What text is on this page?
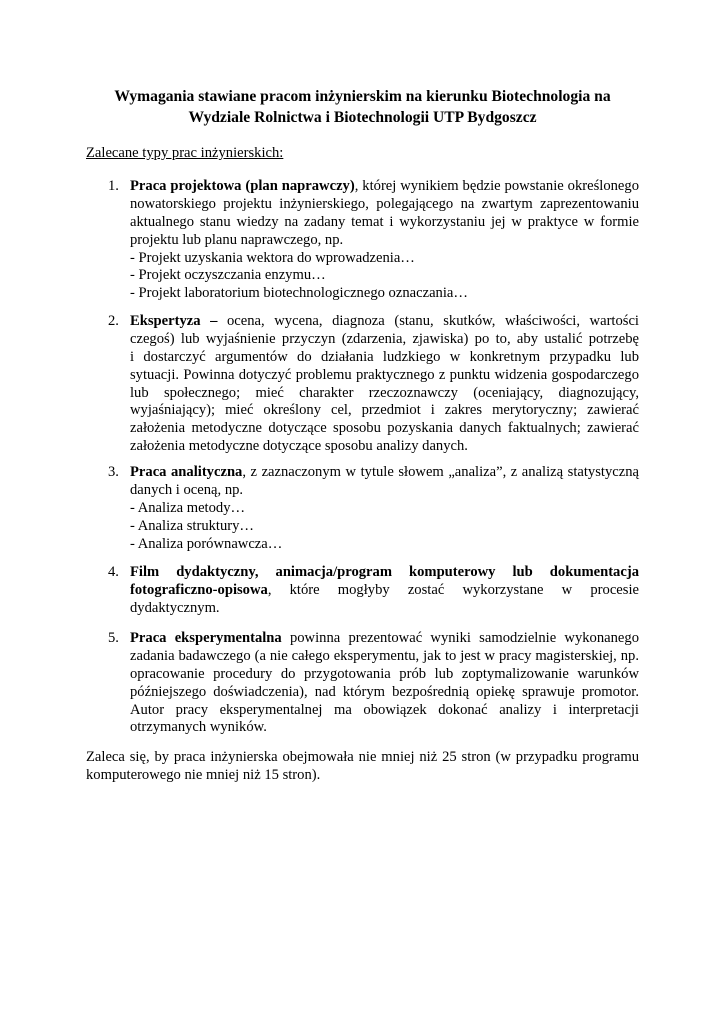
Wymagania stawiane pracom inżynierskim na kierunku Biotechnologia na
Wydziale Rolnictwa i Biotechnologii UTP Bydgoszcz
Zalecane typy prac inżynierskich:
1. Praca projektowa (plan naprawczy), której wynikiem będzie powstanie określonego
nowatorskiego projektu inżynierskiego, polegającego na zwartym zaprezentowaniu
aktualnego stanu wiedzy na zadany temat i wykorzystaniu jej w praktyce w formie
projektu lub planu naprawczego, np.
- Projekt uzyskania wektora do wprowadzenia…
- Projekt oczyszczania enzymu…
- Projekt laboratorium biotechnologicznego oznaczania…
2. Ekspertyza – ocena, wycena, diagnoza (stanu, skutków, właściwości, wartości
czegoś) lub wyjaśnienie przyczyn (zdarzenia, zjawiska) po to, aby ustalić potrzebę
i dostarczyć argumentów do działania ludzkiego w konkretnym przypadku lub
sytuacji. Powinna dotyczyć problemu praktycznego z punktu widzenia gospodarczego
lub społecznego; mieć charakter rzeczoznawczy (oceniający, diagnozujący,
wyjaśniający); mieć określony cel, przedmiot i zakres merytoryczny; zawierać
założenia metodyczne dotyczące sposobu pozyskania danych faktualnych; zawierać
założenia metodyczne dotyczące sposobu analizy danych.
3. Praca analityczna, z zaznaczonym w tytule słowem „analiza”, z analizą statystyczną
danych i oceną, np.
- Analiza metody…
- Analiza struktury…
- Analiza porównawcza…
4. Film dydaktyczny, animacja/program komputerowy lub dokumentacja
fotograficzno-opisowa, które mogłyby zostać wykorzystane w procesie
dydaktycznym.
5. Praca eksperymentalna powinna prezentować wyniki samodzielnie wykonanego
zadania badawczego (a nie całego eksperymentu, jak to jest w pracy magisterskiej, np.
opracowanie procedury do przygotowania prób lub zoptymalizowanie warunków
późniejszego doświadczenia), nad którym bezpośrednią opiekę sprawuje promotor.
Autor pracy eksperymentalnej ma obowiązek dokonać analizy i interpretacji
otrzymanych wyników.
Zaleca się, by praca inżynierska obejmowała nie mniej niż 25 stron (w przypadku programu
komputerowego nie mniej niż 15 stron).
